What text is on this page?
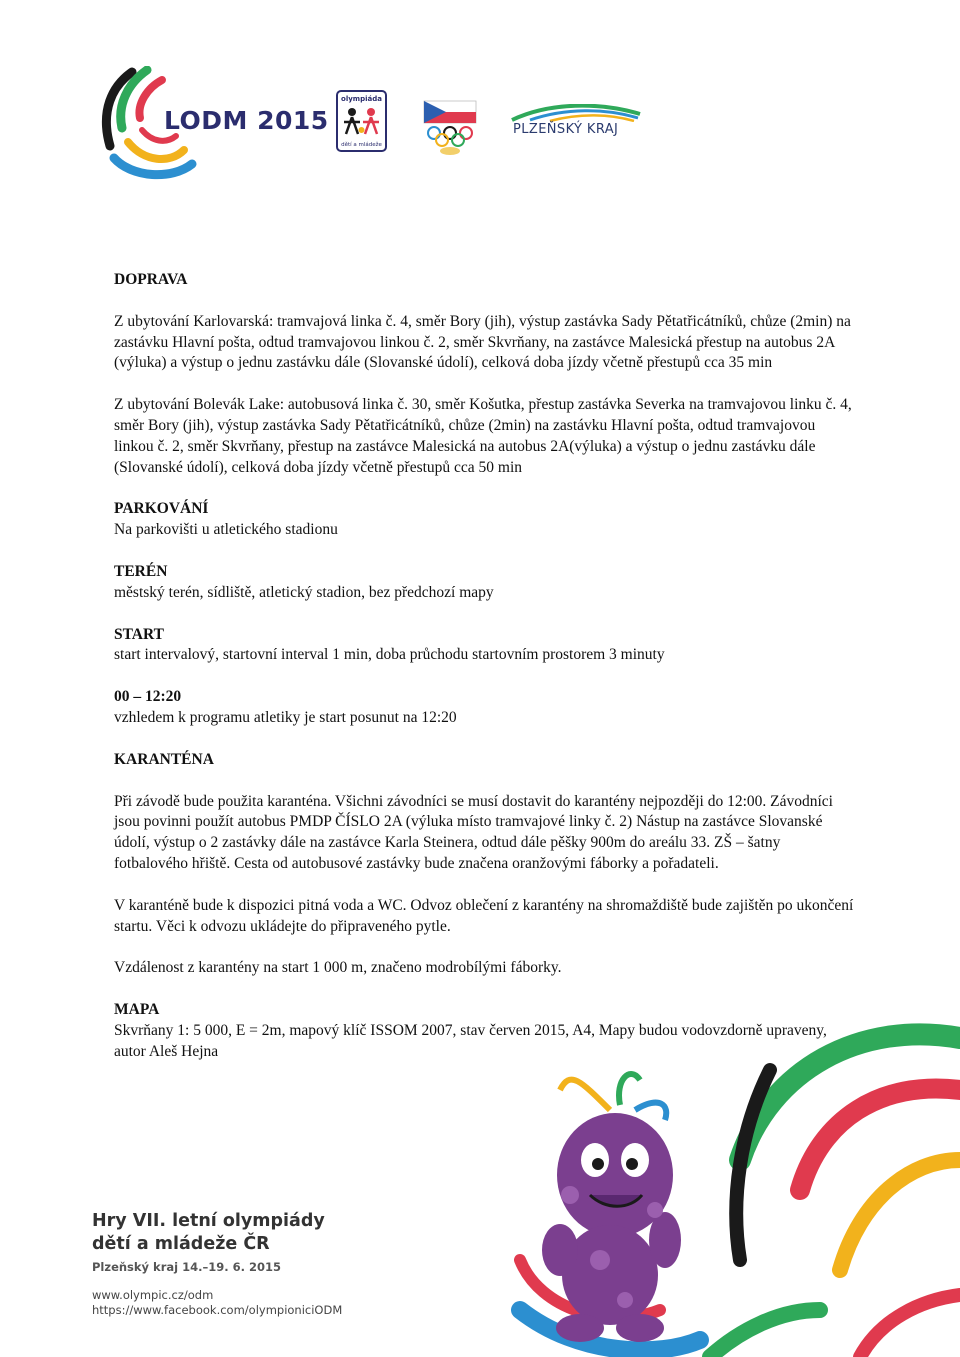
LODM 2015
olympiáda
dětí a mládeže
PLZEŇSKÝ KRAJ
DOPRAVA

Z ubytování Karlovarská: tramvajová linka č. 4, směr Bory (jih), výstup zastávka Sady Pětatřicátníků, chůze (2min) na zastávku Hlavní pošta, odtud tramvajovou linkou č. 2, směr Skvrňany, na zastávce Malesická přestup na autobus 2A (výluka) a výstup o jednu zastávku dále (Slovanské údolí), celková doba jízdy včetně přestupů cca 35 min

Z ubytování Bolevák Lake: autobusová linka č. 30, směr Košutka, přestup zastávka Severka na tramvajovou linku č. 4, směr Bory (jih), výstup zastávka Sady Pětatřicátníků, chůze (2min) na zastávku Hlavní pošta, odtud tramvajovou linkou č. 2, směr Skvrňany, přestup na zastávce Malesická na autobus 2A(výluka) a výstup o jednu zastávku dále (Slovanské údolí), celková doba jízdy včetně přestupů cca 50 min

PARKOVÁNÍ

Na parkovišti u atletického stadionu

TERÉN

městský terén, sídliště, atletický stadion, bez předchozí mapy

START

start intervalový, startovní interval 1 min, doba průchodu startovním prostorem 3 minuty

00 – 12:20

vzhledem k programu atletiky je start posunut na 12:20

KARANTÉNA

Při závodě bude použita karanténa. Všichni závodníci se musí dostavit do karantény nejpozději do 12:00. Závodníci jsou povinni použít autobus PMDP ČÍSLO 2A (výluka místo tramvajové linky č. 2) Nástup na zastávce Slovanské údolí, výstup o 2 zastávky dále na zastávce Karla Steinera, odtud dále pěšky 900m do areálu 33. ZŠ – šatny fotbalového hřiště. Cesta od autobusové zastávky bude značena oranžovými fáborky a pořadateli.

V karanténě bude k dispozici pitná voda a WC. Odvoz oblečení z karantény na shromaždiště bude zajištěn po ukončení startu. Věci k odvozu ukládejte do připraveného pytle.

Vzdálenost z karantény na start 1 000 m, značeno modrobílými fáborky.

MAPA

Skvrňany 1: 5 000, E = 2m, mapový klíč ISSOM 2007, stav červen 2015, A4, Mapy budou vodovzdorně upraveny, autor Aleš Hejna

Hry VII. letní olympiády
dětí a mládeže ČR
Plzeňský kraj 14.–19. 6. 2015
www.olympic.cz/odm
https://www.facebook.com/olympionici​ODM
